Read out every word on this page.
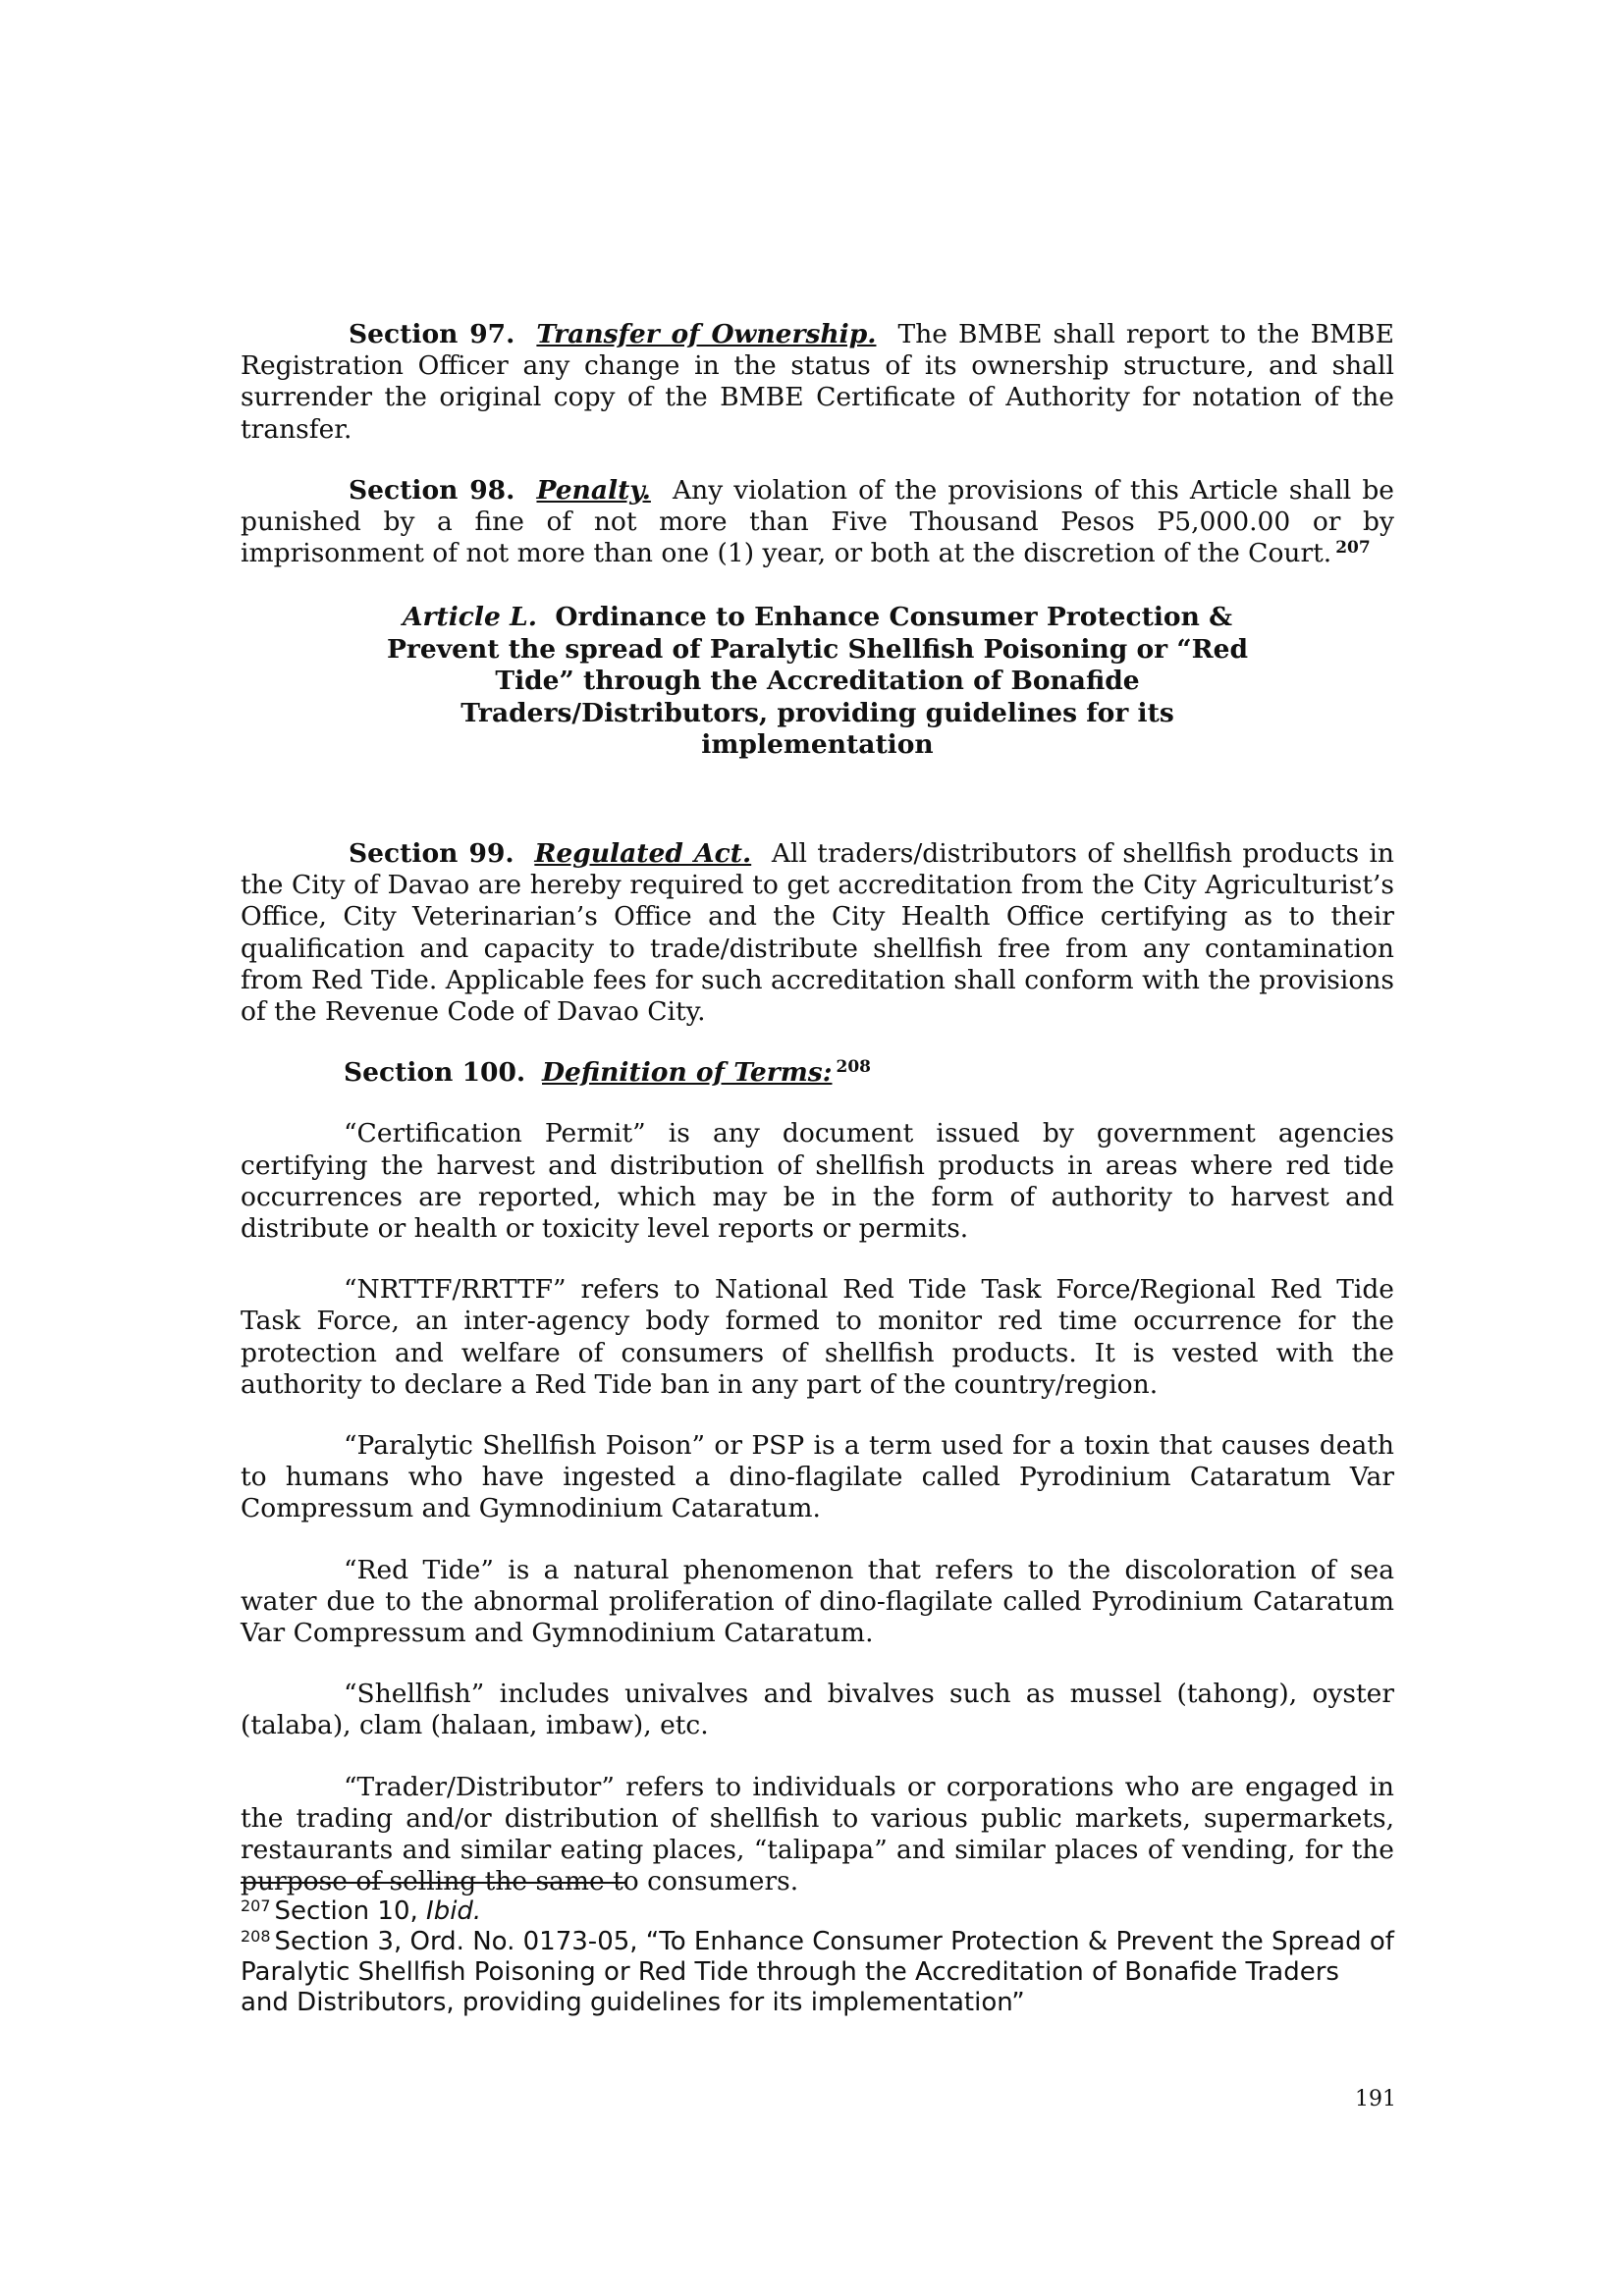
Section 97. Transfer of Ownership. The BMBE shall report to the BMBE Registration Officer any change in the status of its ownership structure, and shall surrender the original copy of the BMBE Certificate of Authority for notation of the transfer.

Section 98. Penalty. Any violation of the provisions of this Article shall be punished by a fine of not more than Five Thousand Pesos P5,000.00 or by imprisonment of not more than one (1) year, or both at the discretion of the Court. $^{207}$

Article L. Ordinance to Enhance Consumer Protection & Prevent the spread of Paralytic Shellfish Poisoning or “Red Tide” through the Accreditation of Bonafide Traders/Distributors, providing guidelines for its implementation

Section 99. Regulated Act. All traders/distributors of shellfish products in the City of Davao are hereby required to get accreditation from the City Agriculturist’s Office, City Veterinarian’s Office and the City Health Office certifying as to their qualification and capacity to trade/distribute shellfish free from any contamination from Red Tide. Applicable fees for such accreditation shall conform with the provisions of the Revenue Code of Davao City.

Section 100. Definition of Terms: $^{208}$

“Certification Permit” is any document issued by government agencies certifying the harvest and distribution of shellfish products in areas where red tide occurrences are reported, which may be in the form of authority to harvest and distribute or health or toxicity level reports or permits.

“NRTTF/RRTTF” refers to National Red Tide Task Force/Regional Red Tide Task Force, an inter-agency body formed to monitor red time occurrence for the protection and welfare of consumers of shellfish products. It is vested with the authority to declare a Red Tide ban in any part of the country/region.

“Paralytic Shellfish Poison” or PSP is a term used for a toxin that causes death to humans who have ingested a dino-flagilate called Pyrodinium Cataratum Var Compressum and Gymnodinium Cataratum.

“Red Tide” is a natural phenomenon that refers to the discoloration of sea water due to the abnormal proliferation of dino-flagilate called Pyrodinium Cataratum Var Compressum and Gymnodinium Cataratum.

“Shellfish” includes univalves and bivalves such as mussel (tahong), oyster (talaba), clam (halaan, imbaw), etc.

“Trader/Distributor” refers to individuals or corporations who are engaged in the trading and/or distribution of shellfish to various public markets, supermarkets, restaurants and similar eating places, “talipapa” and similar places of vending, for the purpose of selling the same to consumers.

$^{207}$ Section 10, Ibid.
$^{208}$ Section 3, Ord. No. 0173-05, “To Enhance Consumer Protection & Prevent the Spread of Paralytic Shellfish Poisoning or Red Tide through the Accreditation of Bonafide Traders and Distributors, providing guidelines for its implementation”
191
